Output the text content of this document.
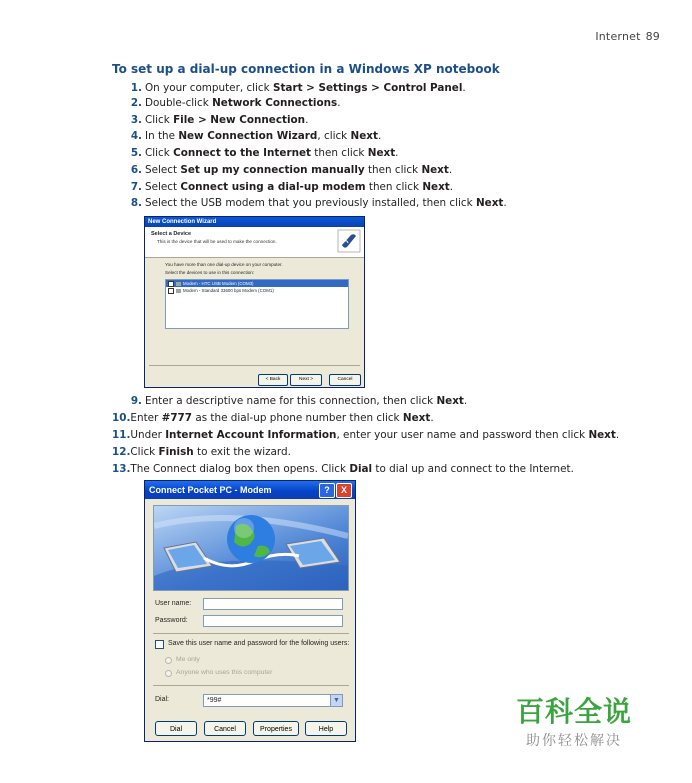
Internet 89
To set up a dial-up connection in a Windows XP notebook
1. On your computer, click Start > Settings > Control Panel.
2. Double-click Network Connections.
3. Click File > New Connection.
4. In the New Connection Wizard, click Next.
5. Click Connect to the Internet then click Next.
6. Select Set up my connection manually then click Next.
7. Select Connect using a dial-up modem then click Next.
8. Select the USB modem that you previously installed, then click Next.
9. Enter a descriptive name for this connection, then click Next.
10.Enter #777 as the dial-up phone number then click Next.
11.Under Internet Account Information, enter your user name and password then click Next.
12.Click Finish to exit the wizard.
13.The Connect dialog box then opens. Click Dial to dial up and connect to the Internet.
New Connection Wizard
Select a Device
This is the device that will be used to make the connection.
You have more than one dial-up device on your computer.
Select the devices to use in this connection:
Modem - HTC USB Modem (COM3)
Modem - Standard 33600 bps Modem (COM1)
< Back	Next >	Cancel
Connect Pocket PC - Modem	?	X
User name:
Password:
Save this user name and password for the following users:
Me only
Anyone who uses this computer
Dial:	*99#	▼
Dial	Cancel	Properties	Help
百科全说
助你轻松解决
